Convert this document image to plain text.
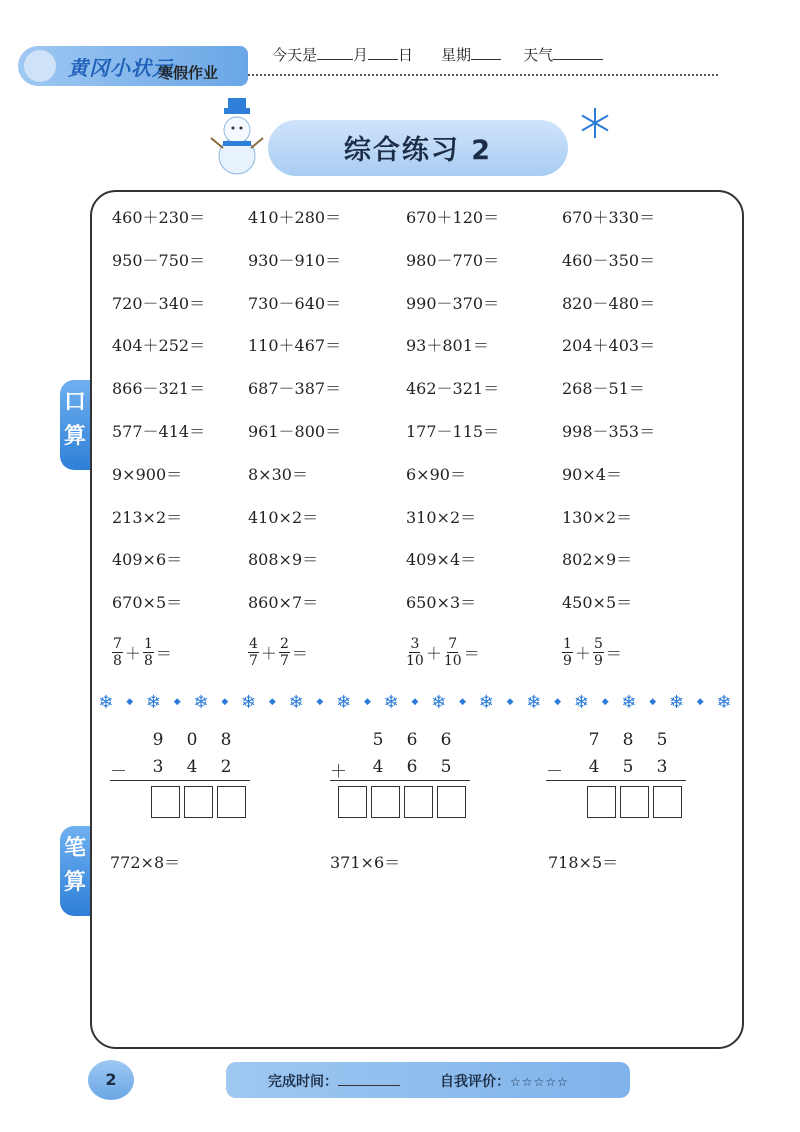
黄冈小状元
寒假作业
今天是 月 日 星期	天气
综合练习 2
口
算
笔
算
460＋230＝	410＋280＝	670＋120＝	670＋330＝
950－750＝	930－910＝	980－770＝	460－350＝
720－340＝	730－640＝	990－370＝	820－480＝
404＋252＝	110＋467＝	93＋801＝	204＋403＝
866－321＝	687－387＝	462－321＝	268－51＝
577－414＝	961－800＝	177－115＝	998－353＝
9×900＝	8×30＝	6×90＝	90×4＝
213×2＝	410×2＝	310×2＝	130×2＝
409×6＝	808×9＝	409×4＝	802×9＝
670×5＝	860×7＝	650×3＝	450×5＝
$\frac{7}{8} + \frac{1}{8}$ ＝	$\frac{4}{7} + \frac{2}{7}$ ＝	$\frac{3}{10} + \frac{7}{10}$ ＝	$\frac{1}{9} + \frac{5}{9}$ ＝
❄ ◆ ❄ ◆ ❄ ◆ ❄ ◆ ❄ ◆ ❄ ◆ ❄ ◆ ❄ ◆ ❄ ◆ ❄ ◆ ❄ ◆ ❄ ◆ ❄ ◆ ❄
9	0	8
－	3	4	2
5	6	6
＋	4	6	5
7	8	5
－	4	5	3
772×8＝	371×6＝	718×5＝
2	完成时间：	自我评价：☆☆☆☆☆
